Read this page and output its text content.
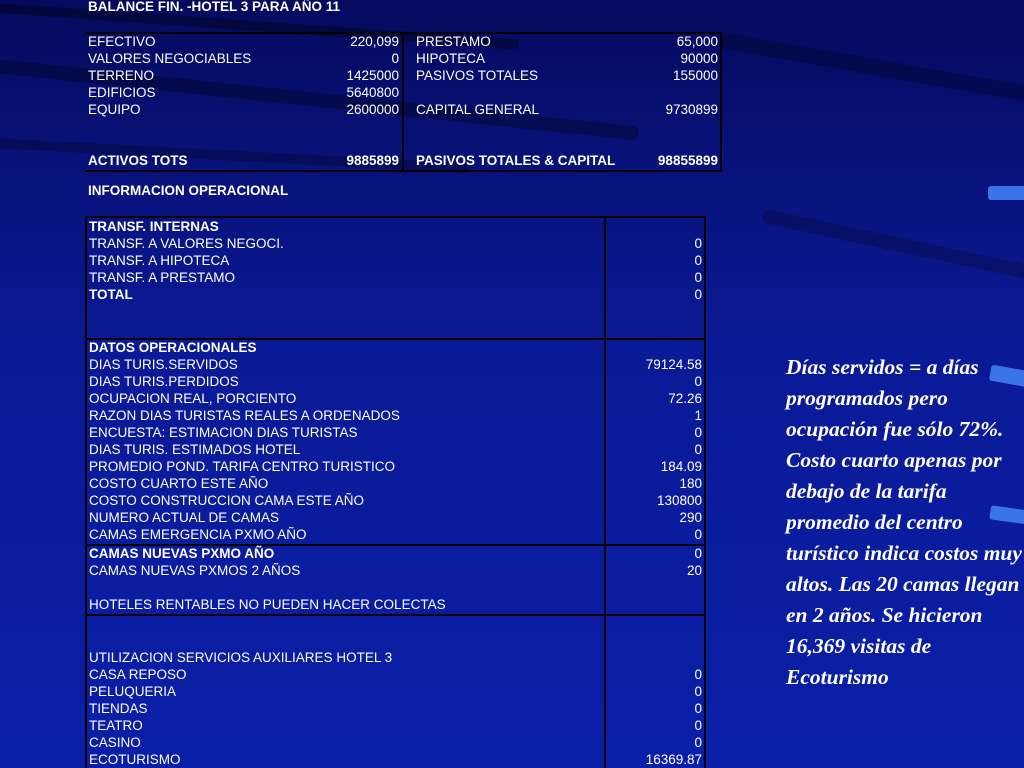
BALANCE FIN. -HOTEL 3 PARA AÑO 11
EFECTIVO	220,099
VALORES NEGOCIABLES	0
TERRENO	1425000
EDIFICIOS	5640800
EQUIPO	2600000
PRESTAMO	65,000
HIPOTECA	90000
PASIVOS TOTALES	155000
CAPITAL GENERAL	9730899
ACTIVOS TOTS	9885899 PASIVOS TOTALES & CAPITAL	98855899
INFORMACION OPERACIONAL
TRANSF. INTERNAS
TRANSF. A VALORES NEGOCI.	0
TRANSF. A HIPOTECA	0
TRANSF. A PRESTAMO	0
TOTAL	0
DATOS OPERACIONALES
DIAS TURIS.SERVIDOS	79124.58
DIAS TURIS.PERDIDOS	0
OCUPACION REAL, PORCIENTO	72.26
RAZON DIAS TURISTAS REALES A ORDENADOS	1
ENCUESTA: ESTIMACION DIAS TURISTAS	0
DIAS TURIS. ESTIMADOS HOTEL	0
PROMEDIO POND. TARIFA CENTRO TURISTICO	184.09
COSTO CUARTO ESTE AÑO	180
COSTO CONSTRUCCION CAMA ESTE AÑO	130800
NUMERO ACTUAL DE CAMAS	290
CAMAS EMERGENCIA PXMO AÑO	0
CAMAS NUEVAS PXMO AÑO	0
CAMAS NUEVAS PXMOS 2 AÑOS	20
HOTELES RENTABLES NO PUEDEN HACER COLECTAS
UTILIZACION SERVICIOS AUXILIARES HOTEL 3
CASA REPOSO	0
PELUQUERIA	0
TIENDAS	0
TEATRO	0
CASINO	0
ECOTURISMO	16369.87
Días servidos = a días programados pero ocupación fue sólo 72%. Costo cuarto apenas por debajo de la tarifa promedio del centro turístico indica costos muy altos. Las 20 camas llegan en 2 años. Se hicieron 16,369 visitas de Ecoturismo
